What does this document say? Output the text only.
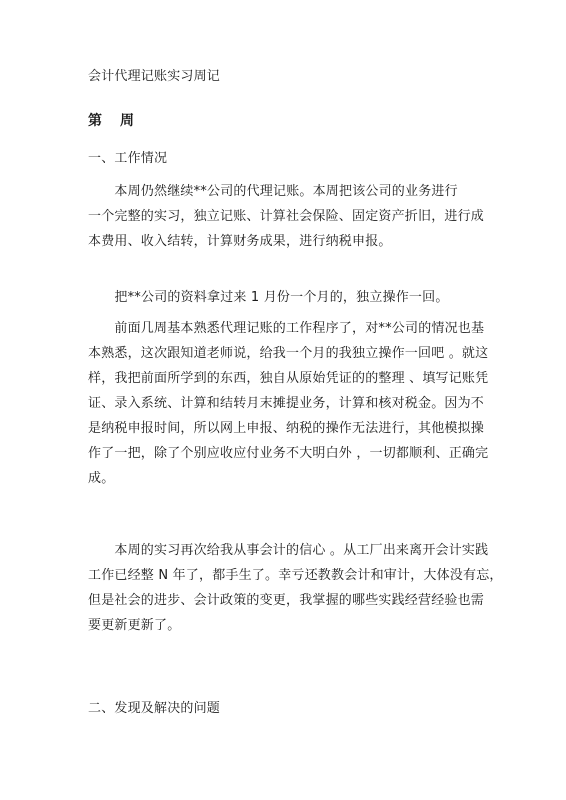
会计代理记账实习周记
第 周
一、工作情况
　　本周仍然继续**公司的代理记账。本周把该公司的业务进行
一个完整的实习，独立记账、计算社会保险、固定资产折旧，进行成
本费用、收入结转，计算财务成果，进行纳税申报。
　　把**公司的资料拿过来 1 月份一个月的，独立操作一回。
　　前面几周基本熟悉代理记账的工作程序了，对**公司的情况也基
本熟悉，这次跟知道老师说，给我一个月的我独立操作一回吧 。就这
样，我把前面所学到的东西，独自从原始凭证的的整理 、填写记账凭
证、录入系统、计算和结转月末摊提业务，计算和核对税金。因为不
是纳税申报时间，所以网上申报、纳税的操作无法进行，其他模拟操
作了一把，除了个别应收应付业务不大明白外 ，一切都顺利、正确完
成。
　　本周的实习再次给我从事会计的信心 。从工厂出来离开会计实践
工作已经整 N 年了，都手生了。幸亏还教教会计和审计，大体没有忘，
但是社会的进步、会计政策的变更，我掌握的哪些实践经营经验也需
要更新更新了。
二、发现及解决的问题
